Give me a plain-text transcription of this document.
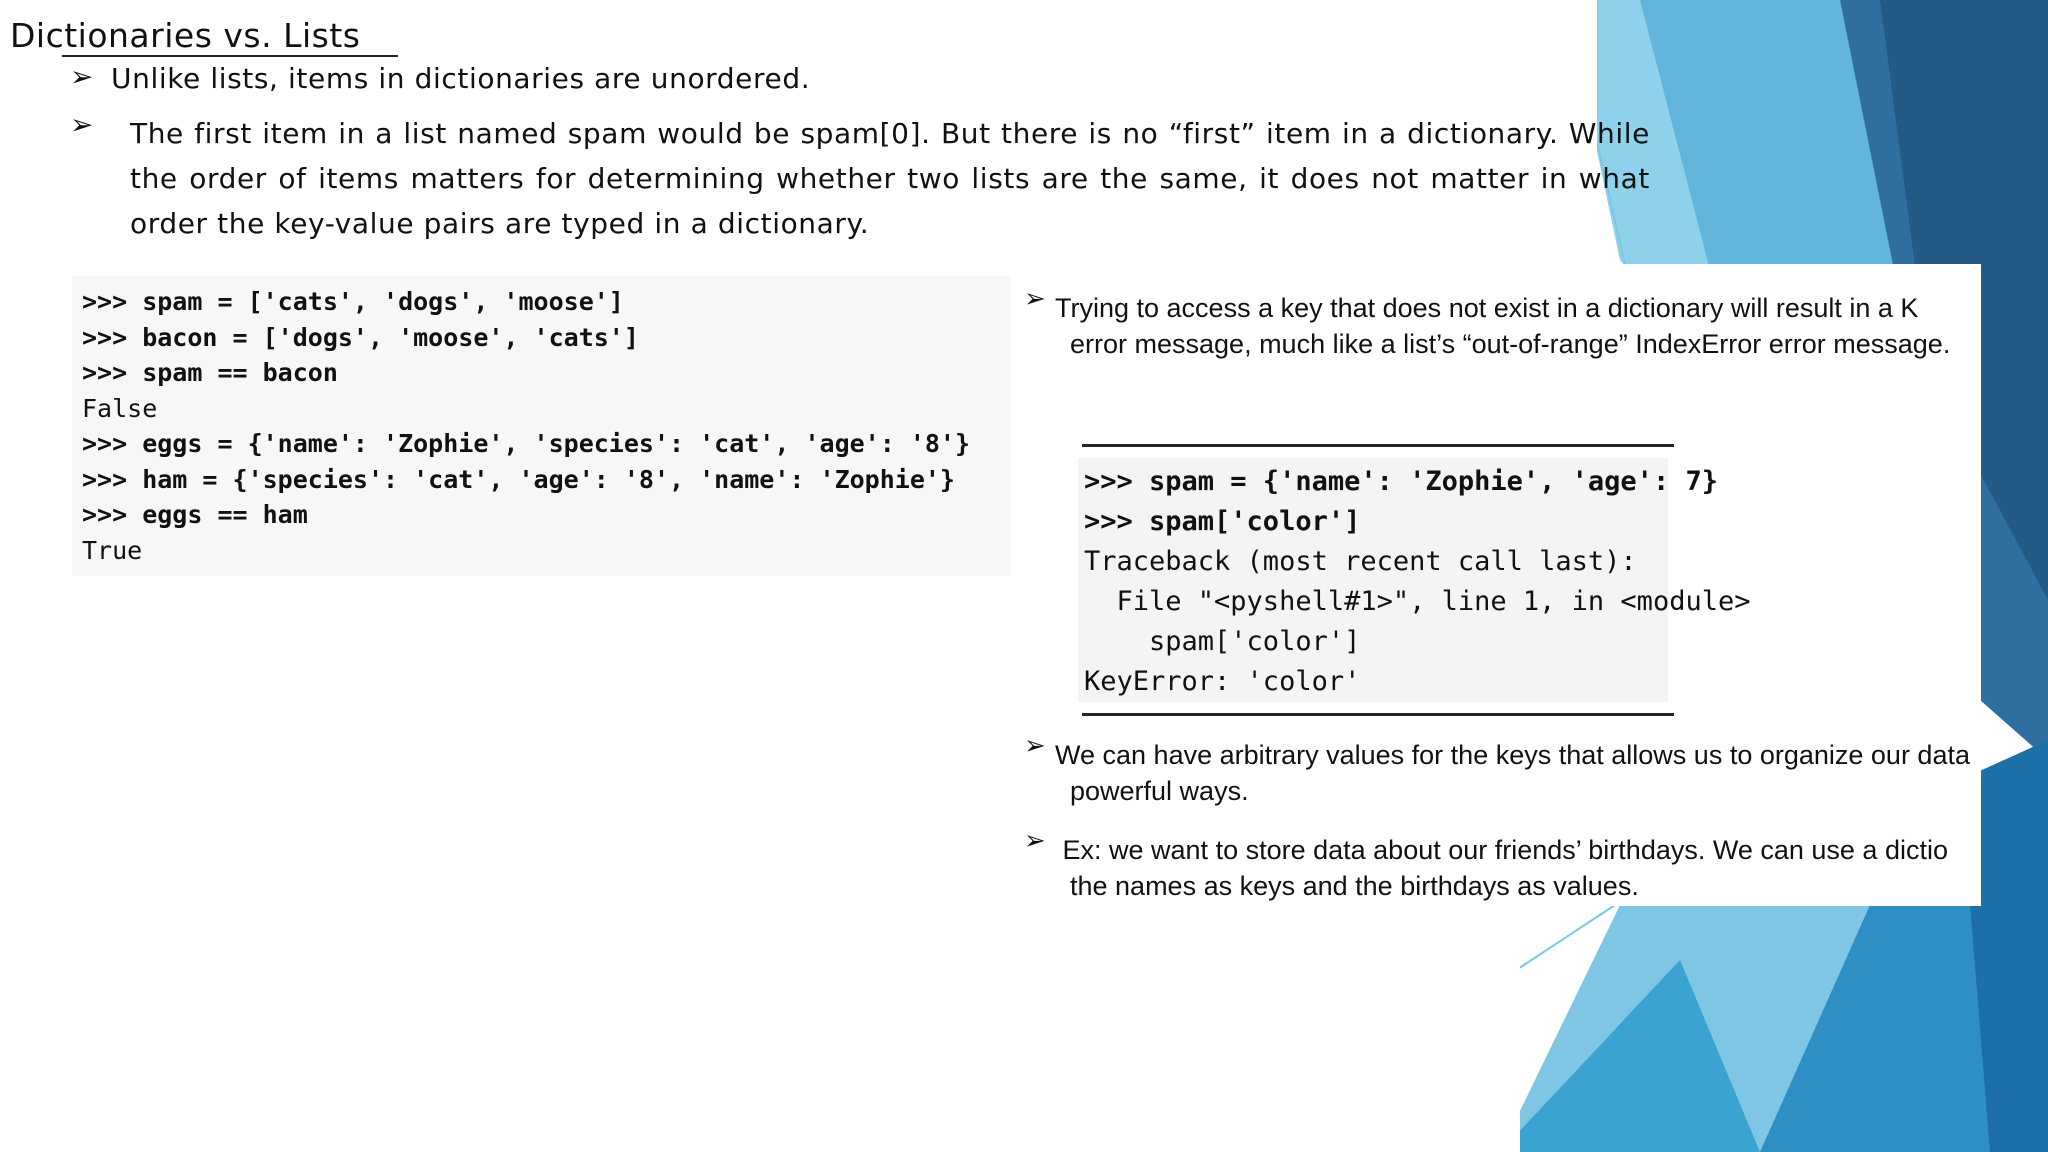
Dictionaries vs. Lists
➢ Unlike lists, items in dictionaries are unordered.
➢ The first item in a list named spam would be spam[0]. But there is no “first” item in a dictionary. While the order of items matters for determining whether two lists are the same, it does not matter in what order the key-value pairs are typed in a dictionary.
>>> spam = ['cats', 'dogs', 'moose']
>>> bacon = ['dogs', 'moose', 'cats']
>>> spam == bacon
False
>>> eggs = {'name': 'Zophie', 'species': 'cat', 'age': '8'}
>>> ham = {'species': 'cat', 'age': '8', 'name': 'Zophie'}
>>> eggs == ham
True
➢ Trying to access a key that does not exist in a dictionary will result in a K
error message, much like a list’s “out-of-range” IndexError error message.
>>> spam = {'name': 'Zophie', 'age': 7}
>>> spam['color']
Traceback (most recent call last):
File "<pyshell#1>", line 1, in <module>
spam['color']
KeyError: 'color'
➢ We can have arbitrary values for the keys that allows us to organize our data
powerful ways.
➢ Ex: we want to store data about our friends’ birthdays. We can use a dictio
the names as keys and the birthdays as values.
